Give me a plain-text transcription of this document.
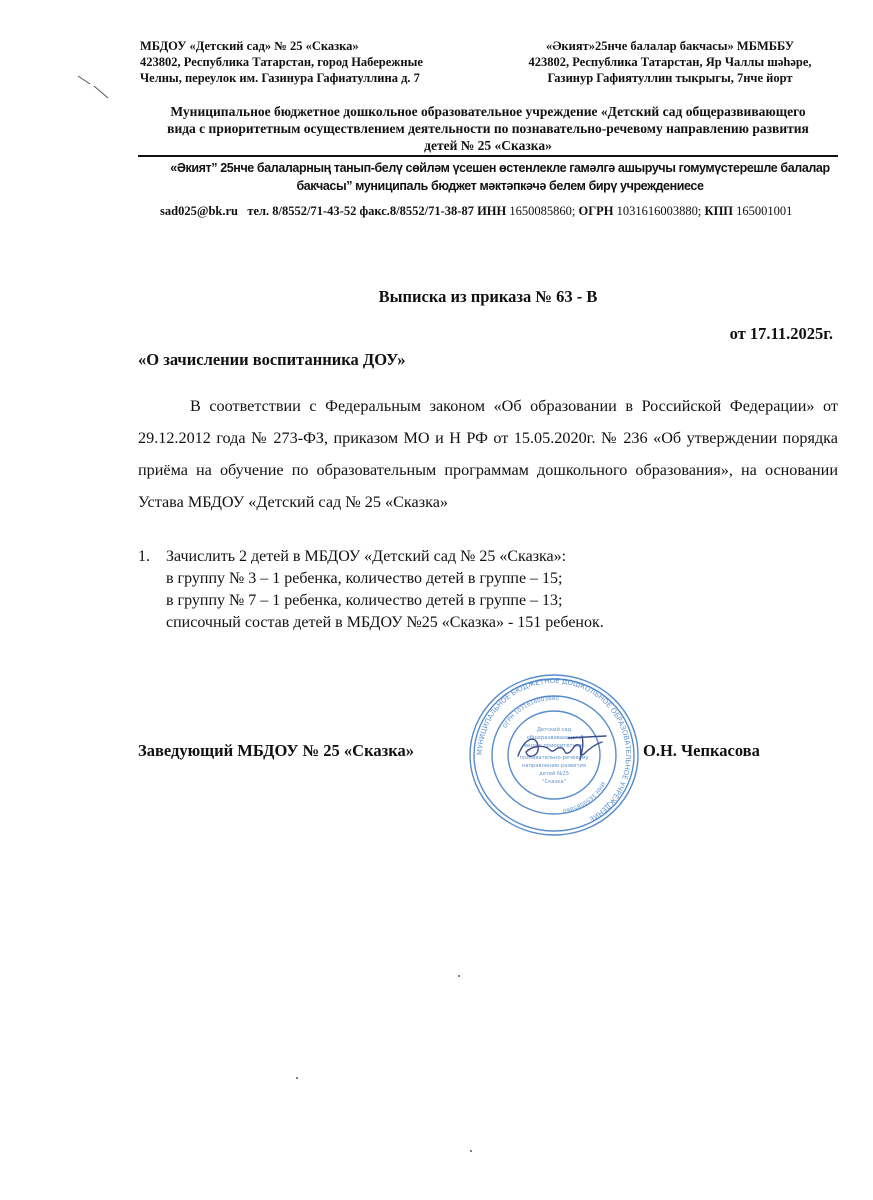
МБДОУ «Детский сад» № 25 «Сказка»
423802, Республика Татарстан, город Набережные
Челны, переулок им. Газинура Гафиатуллина д. 7
«Әкият»25нче балалар бакчасы» МБМББУ
423802, Республика Татарстан, Яр Чаллы шәһәре,
Газинур Гафиятуллин тыкрыгы, 7нче йорт
Муниципальное бюджетное дошкольное образовательное учреждение «Детский сад общеразвивающего
вида с приоритетным осуществлением деятельности по познавательно-речевому направлению развития
детей № 25 «Сказка»
«Әкият” 25нче балаларның танып-белү сөйләм үсешен өстенлекле гамәлгә ашыручы гомумүстерешле балалар
бакчасы” муниципаль бюджет мәктәпкәчә белем бирү учреждениесе
sad025@bk.ru тел. 8/8552/71-43-52 факс.8/8552/71-38-87 ИНН 1650085860; ОГРН 1031616003880; КПП 165001001
Выписка из приказа № 63 - В
от 17.11.2025г.
«О зачислении воспитанника ДОУ»
В соответствии с Федеральным законом «Об образовании в Российской Федерации» от 29.12.2012 года № 273-ФЗ, приказом МО и Н РФ от 15.05.2020г. № 236 «Об утверждении порядка приёма на обучение по образовательным программам дошкольного образования», на основании Устава МБДОУ «Детский сад № 25 «Сказка»
1. Зачислить 2 детей в МБДОУ «Детский сад № 25 «Сказка»:
в группу № 3 – 1 ребенка, количество детей в группе – 15;
в группу № 7 – 1 ребенка, количество детей в группе – 13;
списочный состав детей в МБДОУ №25 «Сказка» - 151 ребенок.
МУНИЦИПАЛЬНОЕ БЮДЖЕТНОЕ ДОШКОЛЬНОЕ ОБРАЗОВАТЕЛЬНОЕ УЧРЕЖДЕНИЕ
ОГРН 1031616003880
ИНН 1650085860
Детский сад
общеразвивающего
вида с приоритетным
познавательно-речевому
направлению развития
детей №25
"Сказка"
Заведующий МБДОУ № 25 «Сказка»	О.Н. Чепкасова
